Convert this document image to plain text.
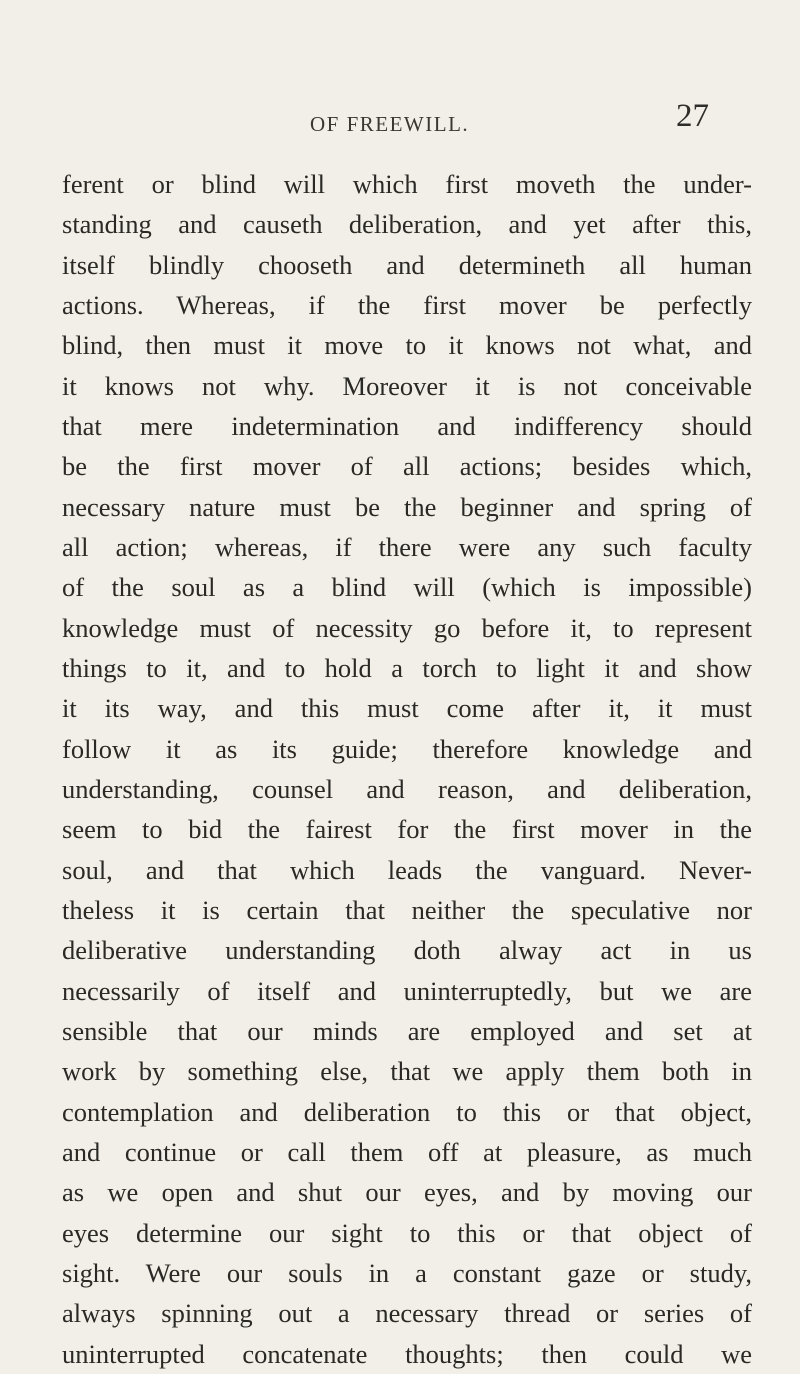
OF FREEWILL.	27
ferent or blind will which first moveth the under-
standing and causeth deliberation, and yet after this,
itself blindly chooseth and determineth all human
actions. Whereas, if the first mover be perfectly
blind, then must it move to it knows not what, and
it knows not why. Moreover it is not conceivable
that mere indetermination and indifferency should
be the first mover of all actions; besides which,
necessary nature must be the beginner and spring of
all action; whereas, if there were any such faculty
of the soul as a blind will (which is impossible)
knowledge must of necessity go before it, to represent
things to it, and to hold a torch to light it and show
it its way, and this must come after it, it must
follow it as its guide; therefore knowledge and
understanding, counsel and reason, and deliberation,
seem to bid the fairest for the first mover in the
soul, and that which leads the vanguard. Never-
theless it is certain that neither the speculative nor
deliberative understanding doth alway act in us
necessarily of itself and uninterruptedly, but we are
sensible that our minds are employed and set at
work by something else, that we apply them both in
contemplation and deliberation to this or that object,
and continue or call them off at pleasure, as much
as we open and shut our eyes, and by moving our
eyes determine our sight to this or that object of
sight. Were our souls in a constant gaze or study,
always spinning out a necessary thread or series of
uninterrupted concatenate thoughts; then could we
